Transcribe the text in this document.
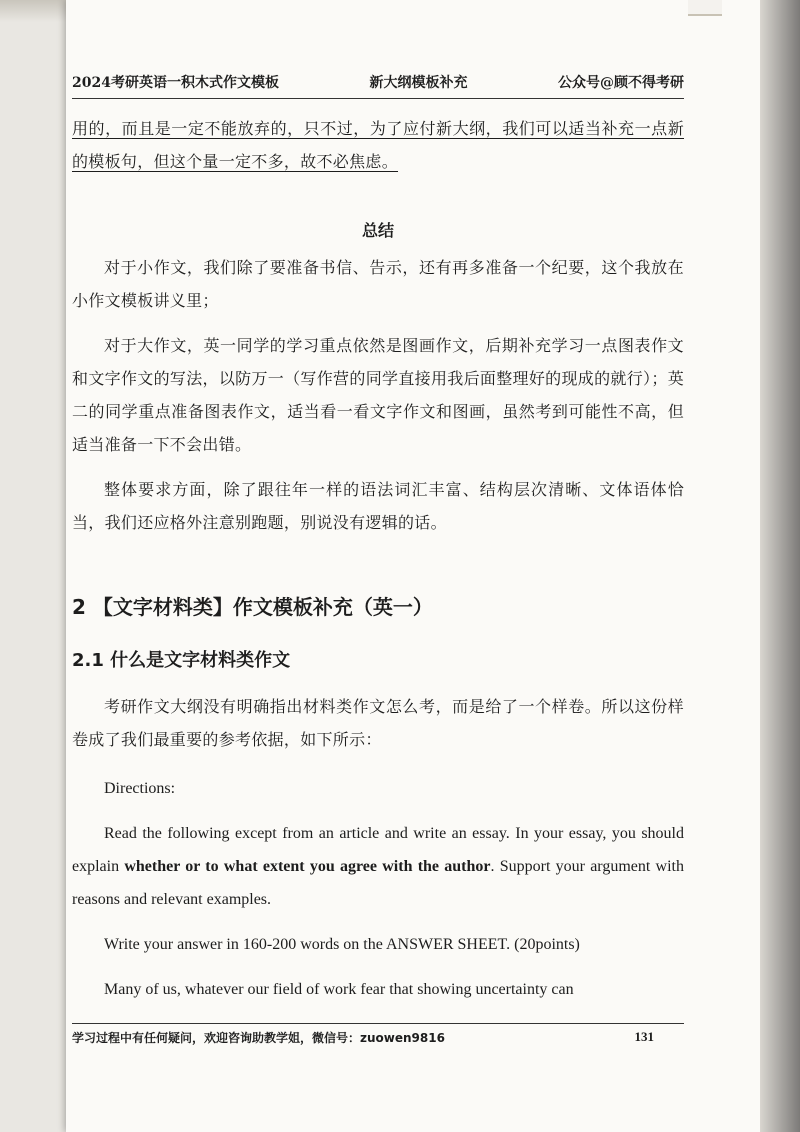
2024考研英语一积木式作文模板	新大纲模板补充	公众号@顾不得考研

用的，而且是一定不能放弃的，只不过，为了应付新大纲，我们可以适当补充一点新的模板句，但这个量一定不多，故不必焦虑。

总结

对于小作文，我们除了要准备书信、告示，还有再多准备一个纪要，这个我放在小作文模板讲义里；

对于大作文，英一同学的学习重点依然是图画作文，后期补充学习一点图表作文和文字作文的写法，以防万一（写作营的同学直接用我后面整理好的现成的就行）；英二的同学重点准备图表作文，适当看一看文字作文和图画，虽然考到可能性不高，但适当准备一下不会出错。

整体要求方面，除了跟往年一样的语法词汇丰富、结构层次清晰、文体语体恰当，我们还应格外注意别跑题，别说没有逻辑的话。

2 【文字材料类】作文模板补充（英一）
2.1 什么是文字材料类作文

考研作文大纲没有明确指出材料类作文怎么考，而是给了一个样卷。所以这份样卷成了我们最重要的参考依据，如下所示：

Directions:

Read the following except from an article and write an essay. In your essay, you should explain whether or to what extent you agree with the author. Support your argument with reasons and relevant examples.

Write your answer in 160-200 words on the ANSWER SHEET. (20points)

Many of us, whatever our field of work fear that showing uncertainty can

学习过程中有任何疑问，欢迎咨询助教学姐，微信号：zuowen9816	131
